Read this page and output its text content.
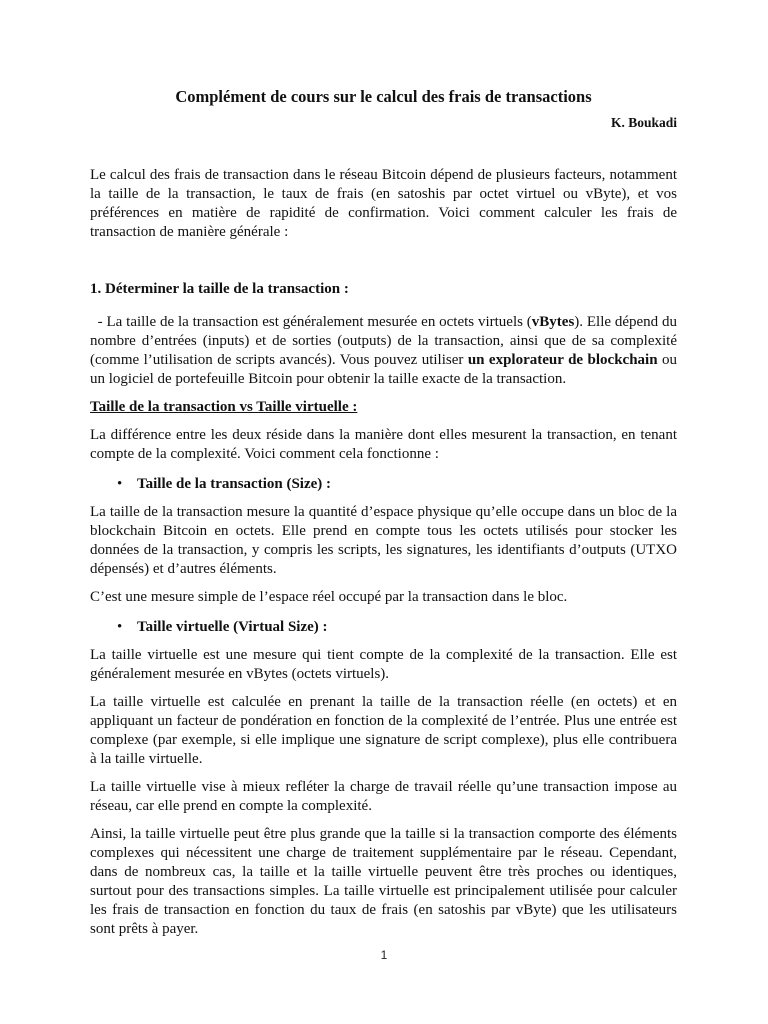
Complément de cours sur le calcul des frais de transactions
K. Boukadi

Le calcul des frais de transaction dans le réseau Bitcoin dépend de plusieurs facteurs, notamment la taille de la transaction, le taux de frais (en satoshis par octet virtuel ou vByte), et vos préférences en matière de rapidité de confirmation. Voici comment calculer les frais de transaction de manière générale :

1. Déterminer la taille de la transaction :

- La taille de la transaction est généralement mesurée en octets virtuels (vBytes). Elle dépend du nombre d’entrées (inputs) et de sorties (outputs) de la transaction, ainsi que de sa complexité (comme l’utilisation de scripts avancés). Vous pouvez utiliser un explorateur de blockchain ou un logiciel de portefeuille Bitcoin pour obtenir la taille exacte de la transaction.

Taille de la transaction vs Taille virtuelle :

La différence entre les deux réside dans la manière dont elles mesurent la transaction, en tenant compte de la complexité. Voici comment cela fonctionne :

• Taille de la transaction (Size) :

La taille de la transaction mesure la quantité d’espace physique qu’elle occupe dans un bloc de la blockchain Bitcoin en octets. Elle prend en compte tous les octets utilisés pour stocker les données de la transaction, y compris les scripts, les signatures, les identifiants d’outputs (UTXO dépensés) et d’autres éléments.

C’est une mesure simple de l’espace réel occupé par la transaction dans le bloc.

• Taille virtuelle (Virtual Size) :

La taille virtuelle est une mesure qui tient compte de la complexité de la transaction. Elle est généralement mesurée en vBytes (octets virtuels).

La taille virtuelle est calculée en prenant la taille de la transaction réelle (en octets) et en appliquant un facteur de pondération en fonction de la complexité de l’entrée. Plus une entrée est complexe (par exemple, si elle implique une signature de script complexe), plus elle contribuera à la taille virtuelle.

La taille virtuelle vise à mieux refléter la charge de travail réelle qu’une transaction impose au réseau, car elle prend en compte la complexité.

Ainsi, la taille virtuelle peut être plus grande que la taille si la transaction comporte des éléments complexes qui nécessitent une charge de traitement supplémentaire par le réseau. Cependant, dans de nombreux cas, la taille et la taille virtuelle peuvent être très proches ou identiques, surtout pour des transactions simples. La taille virtuelle est principalement utilisée pour calculer les frais de transaction en fonction du taux de frais (en satoshis par vByte) que les utilisateurs sont prêts à payer.

1
